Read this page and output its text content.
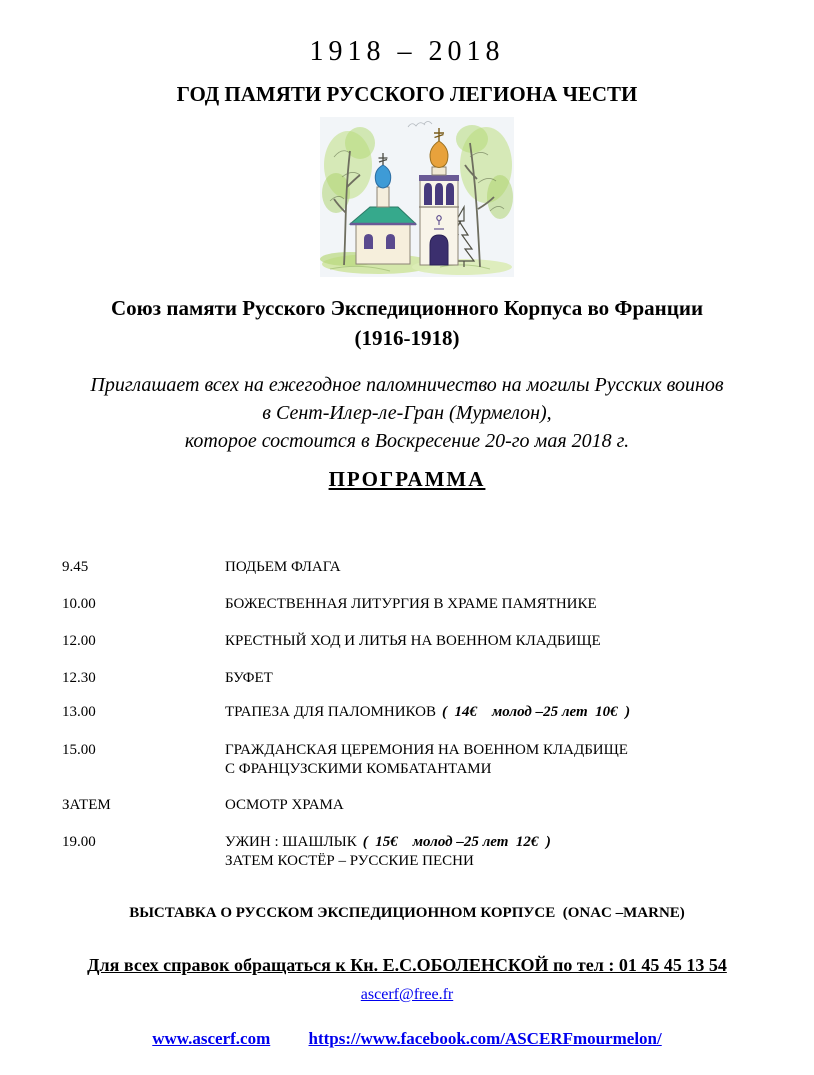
1918 – 2018
ГОД ПАМЯТИ РУССКОГО ЛЕГИОНА ЧЕСТИ
Союз памяти Русского Экспедиционного Корпуса во Франции
(1916-1918)
Приглашает всех на ежегодное паломничество на могилы Русских воинов
в Сент-Илер-ле-Гран (Мурмелон),
которое состоится в Воскресение 20-го мая 2018 г.
ПРОГРАММА
9.45	ПОДЬЕМ ФЛАГА
10.00	БОЖЕСТВЕННАЯ ЛИТУРГИЯ В ХРАМЕ ПАМЯТНИКЕ
12.00	КРЕСТНЫЙ ХОД И ЛИТЬЯ НА ВОЕННОМ КЛАДБИЩЕ
12.30	БУФЕТ
13.00	ТРАПЕЗА ДЛЯ ПАЛОМНИКОВ (  14€    молод –25 лет  10€  )
15.00	ГРАЖДАНСКАЯ ЦЕРЕМОНИЯ НА ВОЕННОМ КЛАДБИЩЕ
С ФРАНЦУЗСКИМИ КОМБАТАНТАМИ
ЗАТЕМ	ОСМОТР ХРАМА
19.00	УЖИН : ШАШЛЫК (  15€    молод –25 лет  12€  )
ЗАТЕМ КОСТЁР – РУССКИЕ ПЕСНИ
ВЫСТАВКА О РУССКОМ ЭКСПЕДИЦИОННОМ КОРПУСЕ  (ONAC –MARNE)
Для всех справок обращаться к Кн. Е.С.ОБОЛЕНСКОЙ по тел : 01 45 45 13 54
ascerf@free.fr
www.ascerf.com https://www.facebook.com/ASCERFmourmelon/
